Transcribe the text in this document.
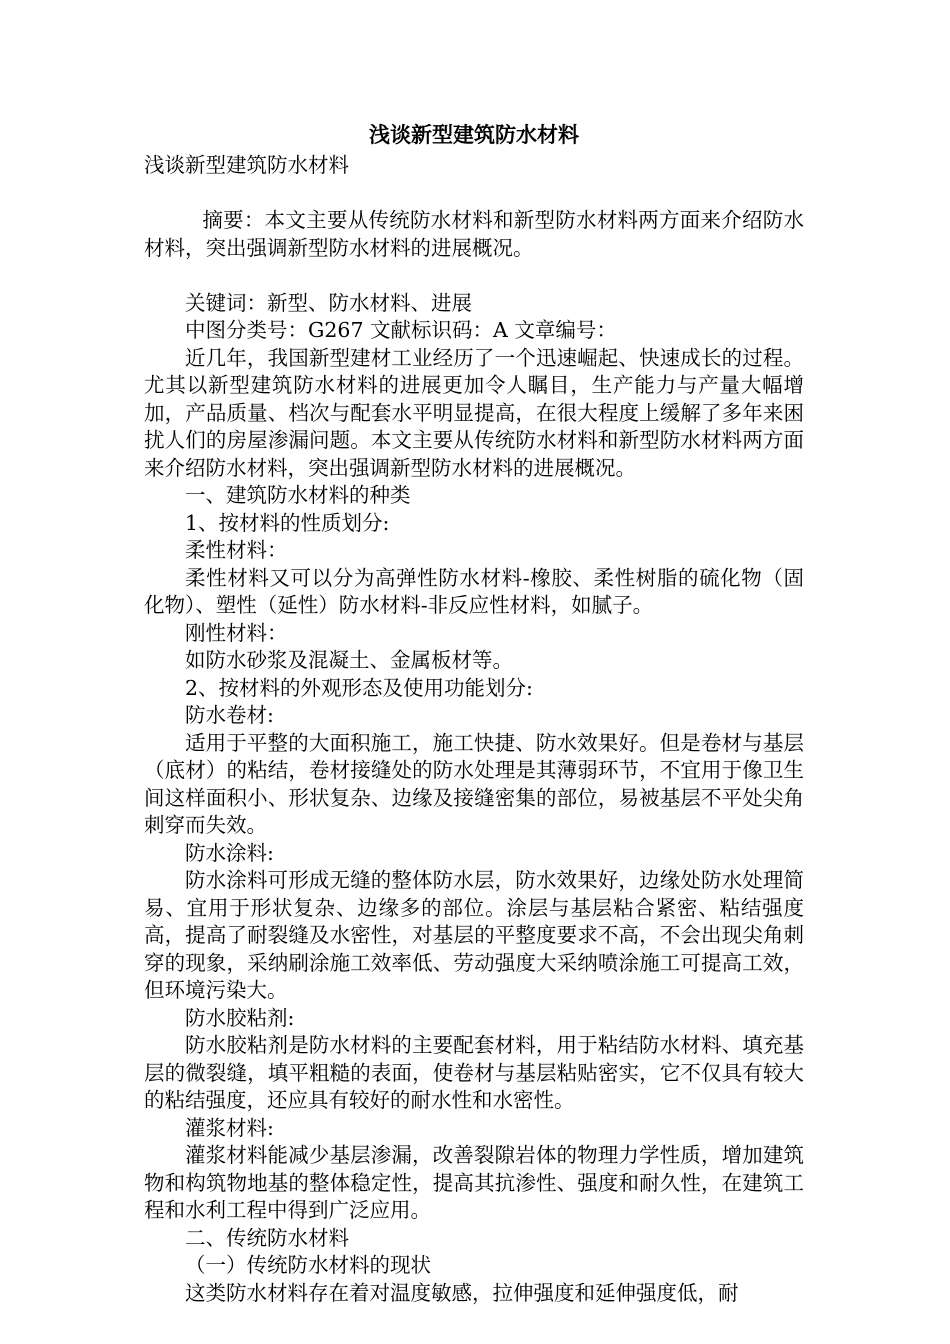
浅谈新型建筑防水材料

浅谈新型建筑防水材料

摘要：本文主要从传统防水材料和新型防水材料两方面来介绍防水材料，突出强调新型防水材料的进展概况。

关键词：新型、防水材料、进展

中图分类号：G267 文献标识码：A 文章编号：

近几年，我国新型建材工业经历了一个迅速崛起、快速成长的过程。尤其以新型建筑防水材料的进展更加令人瞩目，生产能力与产量大幅增加，产品质量、档次与配套水平明显提高，在很大程度上缓解了多年来困扰人们的房屋渗漏问题。本文主要从传统防水材料和新型防水材料两方面来介绍防水材料，突出强调新型防水材料的进展概况。

一、建筑防水材料的种类

1、按材料的性质划分:

柔性材料：

柔性材料又可以分为高弹性防水材料-橡胶、柔性树脂的硫化物（固化物）、塑性（延性）防水材料-非反应性材料，如腻子。

刚性材料：

如防水砂浆及混凝土、金属板材等。

2、按材料的外观形态及使用功能划分:

防水卷材:

适用于平整的大面积施工，施工快捷、防水效果好。但是卷材与基层（底材）的粘结，卷材接缝处的防水处理是其薄弱环节，不宜用于像卫生间这样面积小、形状复杂、边缘及接缝密集的部位，易被基层不平处尖角刺穿而失效。

防水涂料:

防水涂料可形成无缝的整体防水层，防水效果好，边缘处防水处理简易、宜用于形状复杂、边缘多的部位。涂层与基层粘合紧密、粘结强度高，提高了耐裂缝及水密性，对基层的平整度要求不高，不会出现尖角刺穿的现象，采纳刷涂施工效率低、劳动强度大采纳喷涂施工可提高工效，但环境污染大。

防水胶粘剂:

防水胶粘剂是防水材料的主要配套材料，用于粘结防水材料、填充基层的微裂缝，填平粗糙的表面，使卷材与基层粘贴密实，它不仅具有较大的粘结强度，还应具有较好的耐水性和水密性。

灌浆材料:

灌浆材料能减少基层渗漏，改善裂隙岩体的物理力学性质，增加建筑物和构筑物地基的整体稳定性，提高其抗渗性、强度和耐久性，在建筑工程和水利工程中得到广泛应用。

二、传统防水材料

（一）传统防水材料的现状

这类防水材料存在着对温度敏感，拉伸强度和延伸强度低，耐
